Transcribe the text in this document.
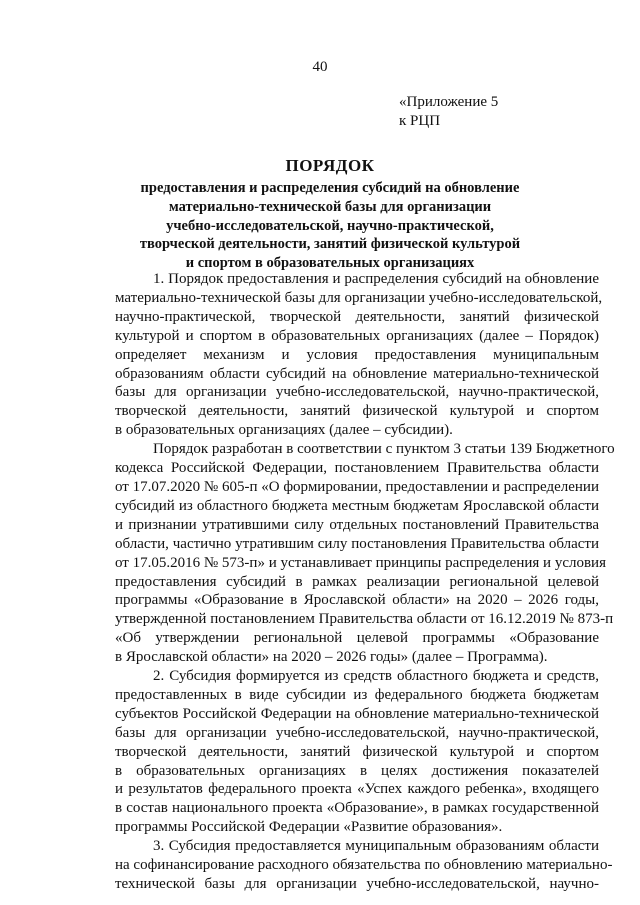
40
«Приложение 5
к РЦП
ПОРЯДОК
предоставления и распределения субсидий на обновление
материально-технической базы для организации
учебно-исследовательской, научно-практической,
творческой деятельности, занятий физической культурой
и спортом в образовательных организациях
1. Порядок предоставления и распределения субсидий на обновление
материально-технической базы для организации учебно-исследовательской,
научно-практической, творческой деятельности, занятий физической
культурой и спортом в образовательных организациях (далее – Порядок)
определяет механизм и условия предоставления муниципальным
образованиям области субсидий на обновление материально-технической
базы для организации учебно-исследовательской, научно-практической,
творческой деятельности, занятий физической культурой и спортом
в образовательных организациях (далее – субсидии).
Порядок разработан в соответствии с пунктом 3 статьи 139 Бюджетного
кодекса Российской Федерации, постановлением Правительства области
от 17.07.2020 № 605-п «О формировании, предоставлении и распределении
субсидий из областного бюджета местным бюджетам Ярославской области
и признании утратившими силу отдельных постановлений Правительства
области, частично утратившим силу постановления Правительства области
от 17.05.2016 № 573-п» и устанавливает принципы распределения и условия
предоставления субсидий в рамках реализации региональной целевой
программы «Образование в Ярославской области» на 2020 – 2026 годы,
утвержденной постановлением Правительства области от 16.12.2019 № 873-п
«Об утверждении региональной целевой программы «Образование
в Ярославской области» на 2020 – 2026 годы» (далее – Программа).
2. Субсидия формируется из средств областного бюджета и средств,
предоставленных в виде субсидии из федерального бюджета бюджетам
субъектов Российской Федерации на обновление материально-технической
базы для организации учебно-исследовательской, научно-практической,
творческой деятельности, занятий физической культурой и спортом
в образовательных организациях в целях достижения показателей
и результатов федерального проекта «Успех каждого ребенка», входящего
в состав национального проекта «Образование», в рамках государственной
программы Российской Федерации «Развитие образования».
3. Субсидия предоставляется муниципальным образованиям области
на софинансирование расходного обязательства по обновлению материально-
технической базы для организации учебно-исследовательской, научно-
